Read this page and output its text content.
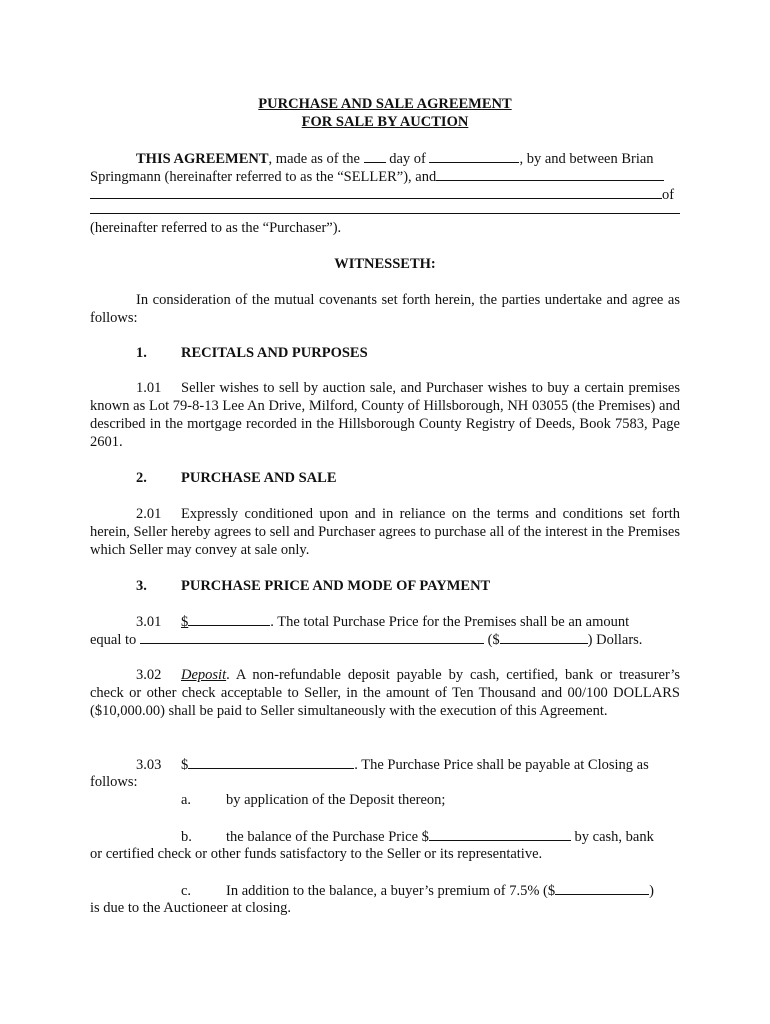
PURCHASE AND SALE AGREEMENT
FOR SALE BY AUCTION
THIS AGREEMENT, made as of the day of	, by and between Brian
Springmann (hereinafter referred to as the “SELLER”), and
of
(hereinafter referred to as the “Purchaser”).
WITNESSETH:
In consideration of the mutual covenants set forth herein, the parties undertake and agree as follows:
1. RECITALS AND PURPOSES
1.01 Seller wishes to sell by auction sale, and Purchaser wishes to buy a certain premises known as Lot 79-8-13 Lee An Drive, Milford, County of Hillsborough, NH 03055 (the Premises) and described in the mortgage recorded in the Hillsborough County Registry of Deeds, Book 7583, Page 2601.
2. PURCHASE AND SALE
2.01 Expressly conditioned upon and in reliance on the terms and conditions set forth herein, Seller hereby agrees to sell and Purchaser agrees to purchase all of the interest in the Premises which Seller may convey at sale only.
3. PURCHASE PRICE AND MODE OF PAYMENT
3.01 $	. The total Purchase Price for the Premises shall be an amount
equal to	($	) Dollars.
3.02 Deposit. A non-refundable deposit payable by cash, certified, bank or treasurer’s check or other check acceptable to Seller, in the amount of Ten Thousand and 00/100 DOLLARS ($10,000.00) shall be paid to Seller simultaneously with the execution of this Agreement.
3.03 $	. The Purchase Price shall be payable at Closing as
follows:
a. by application of the Deposit thereon;
b. the balance of the Purchase Price $	by cash, bank
or certified check or other funds satisfactory to the Seller or its representative.
c. In addition to the balance, a buyer’s premium of 7.5% ($	)
is due to the Auctioneer at closing.
